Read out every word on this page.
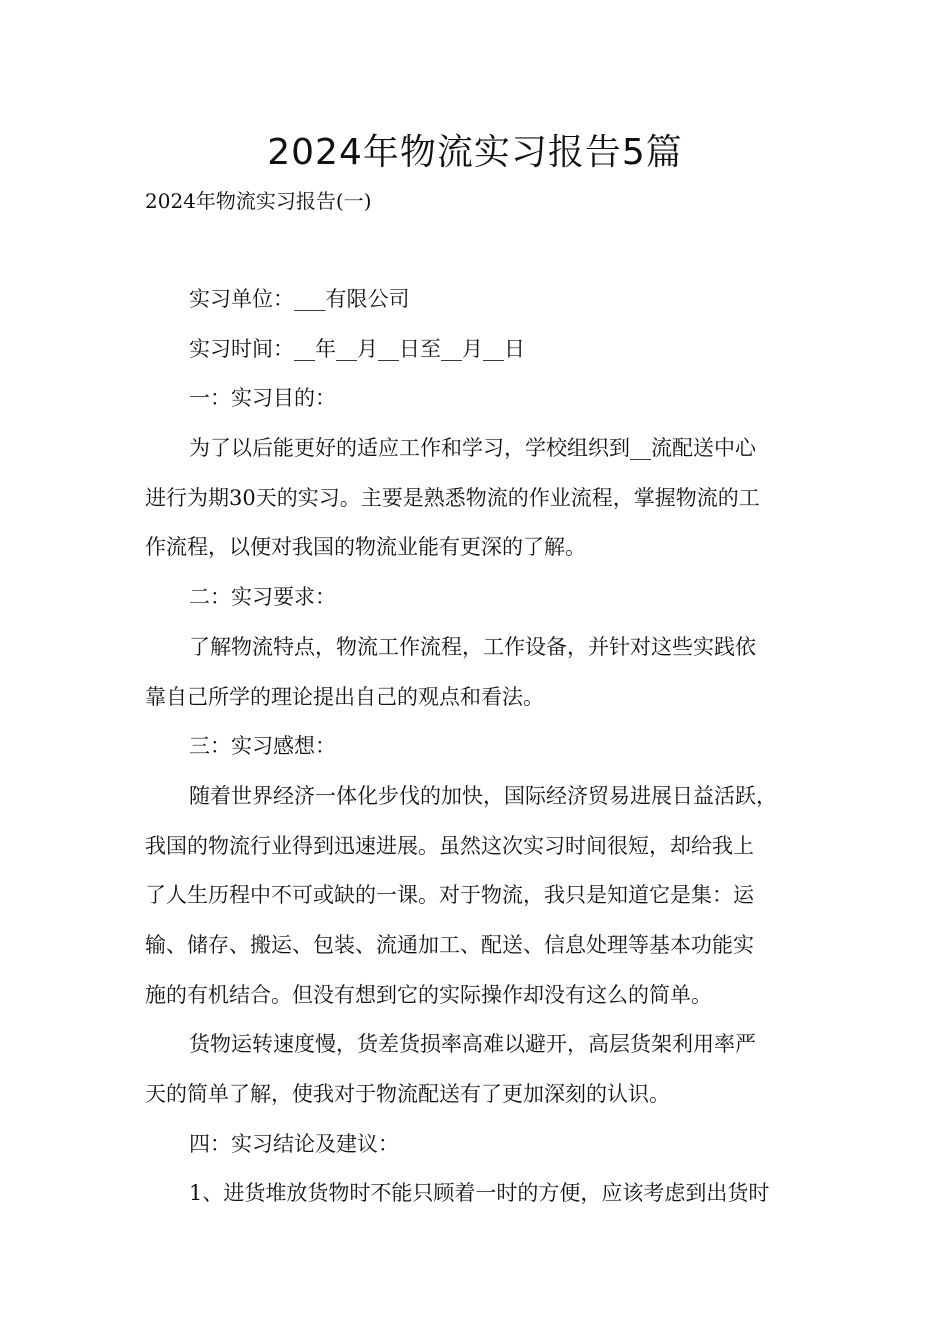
2024年物流实习报告5篇
2024年物流实习报告(一)
实习单位：___有限公司
实习时间：__年__月__日至__月__日
一：实习目的：
为了以后能更好的适应工作和学习，学校组织到__流配送中心
进行为期30天的实习。主要是熟悉物流的作业流程，掌握物流的工
作流程，以便对我国的物流业能有更深的了解。
二：实习要求：
了解物流特点，物流工作流程，工作设备，并针对这些实践依
靠自己所学的理论提出自己的观点和看法。
三：实习感想：
随着世界经济一体化步伐的加快，国际经济贸易进展日益活跃，
我国的物流行业得到迅速进展。虽然这次实习时间很短，却给我上
了人生历程中不可或缺的一课。对于物流，我只是知道它是集：运
输、储存、搬运、包装、流通加工、配送、信息处理等基本功能实
施的有机结合。但没有想到它的实际操作却没有这么的简单。
货物运转速度慢，货差货损率高难以避开，高层货架利用率严
天的简单了解，使我对于物流配送有了更加深刻的认识。
四：实习结论及建议：
1、进货堆放货物时不能只顾着一时的方便，应该考虑到出货时
